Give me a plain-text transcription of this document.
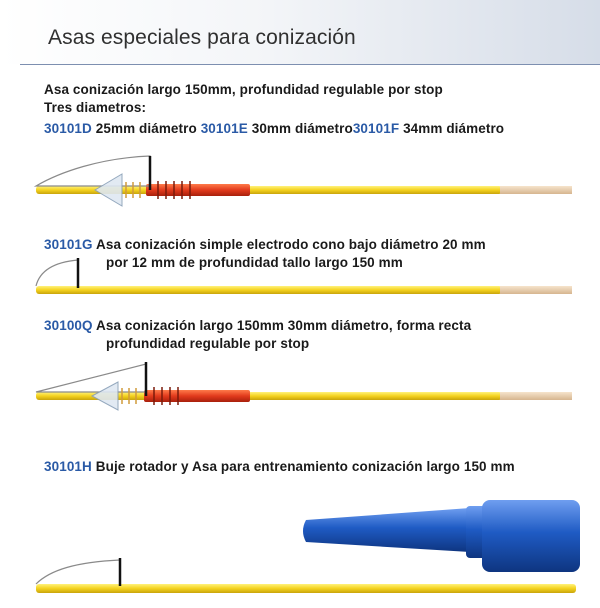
Asas especiales para conización
Asa conización largo 150mm, profundidad regulable por stop
Tres diametros:
30101D 25mm diámetro 30101E 30mm diámetro30101F 34mm diámetro
30101G Asa conización simple electrodo cono bajo diámetro 20 mm
por 12 mm de profundidad tallo largo 150 mm
30100Q Asa conización largo 150mm 30mm diámetro, forma recta
profundidad regulable por stop
30101H Buje rotador y Asa para entrenamiento conización largo 150 mm
